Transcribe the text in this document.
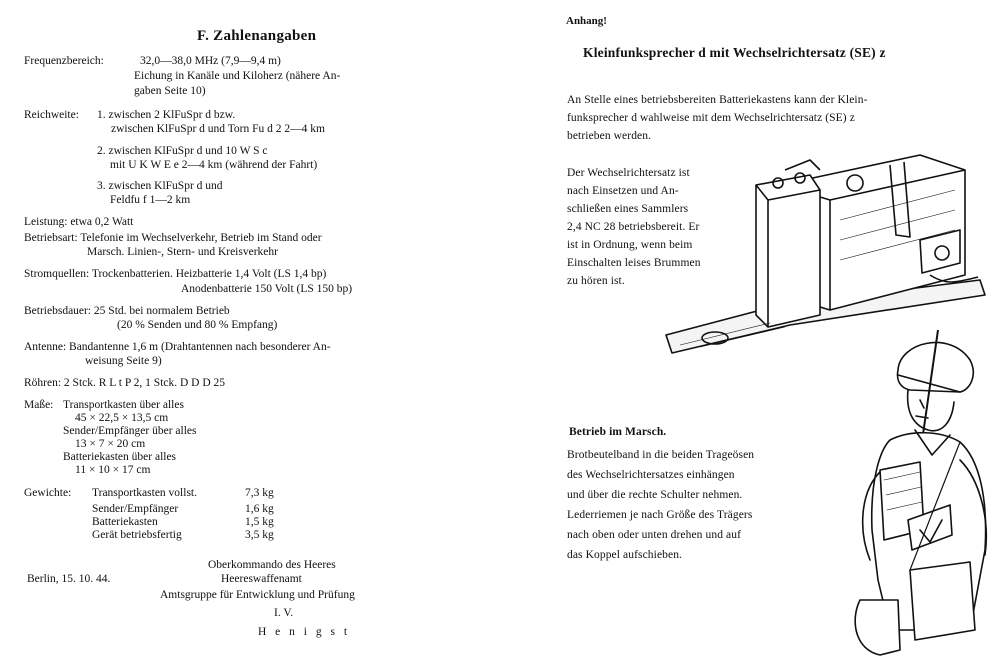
F. Zahlenangaben
Frequenzbereich:	32,0—38,0 MHz (7,9—9,4 m)
Eichung in Kanäle und Kiloherz (nähere An-
gaben Seite 10)
Reichweite: 1. zwischen 2 KlFuSpr d bzw.
zwischen KlFuSpr d und Torn Fu d 2 2—4 km
2. zwischen KlFuSpr d und 10 W S c
mit U K W E e 2—4 km (während der Fahrt)
3. zwischen KlFuSpr d und
Feldfu f 1—2 km
Leistung: etwa 0,2 Watt
Betriebsart: Telefonie im Wechselverkehr, Betrieb im Stand oder
Marsch. Linien-, Stern- und Kreisverkehr
Stromquellen: Trockenbatterien. Heizbatterie 1,4 Volt (LS 1,4 bp)
Anodenbatterie 150 Volt (LS 150 bp)
Betriebsdauer: 25 Std. bei normalem Betrieb
(20 % Senden und 80 % Empfang)
Antenne: Bandantenne 1,6 m (Drahtantennen nach besonderer An-
weisung Seite 9)
Röhren: 2 Stck. R L t P 2, 1 Stck. D D D 25
Maße: Transportkasten über alles
45 × 22,5 × 13,5 cm
Sender/Empfänger über alles
13 × 7 × 20 cm
Batteriekasten über alles
11 × 10 × 17 cm
Gewichte: Transportkasten vollst.	7,3 kg
Sender/Empfänger	1,6 kg
Batteriekasten	1,5 kg
Gerät betriebsfertig	3,5 kg
Oberkommando des Heeres
Berlin, 15. 10. 44.	Heereswaffenamt
Amtsgruppe für Entwicklung und Prüfung
I. V.
H e n i g s t
Anhang!
Kleinfunksprecher d mit Wechselrichtersatz (SE) z
An Stelle eines betriebsbereiten Batteriekastens kann der Klein-
funksprecher d wahlweise mit dem Wechselrichtersatz (SE) z
betrieben werden.
Der Wechselrichtersatz ist
nach Einsetzen und An-
schließen eines Sammlers
2,4 NC 28 betriebsbereit. Er
ist in Ordnung, wenn beim
Einschalten leises Brummen
zu hören ist.
Betrieb im Marsch.
Brotbeutelband in die beiden Trageösen
des Wechselrichtersatzes einhängen
und über die rechte Schulter nehmen.
Lederriemen je nach Größe des Trägers
nach oben oder unten drehen und auf
das Koppel aufschieben.
